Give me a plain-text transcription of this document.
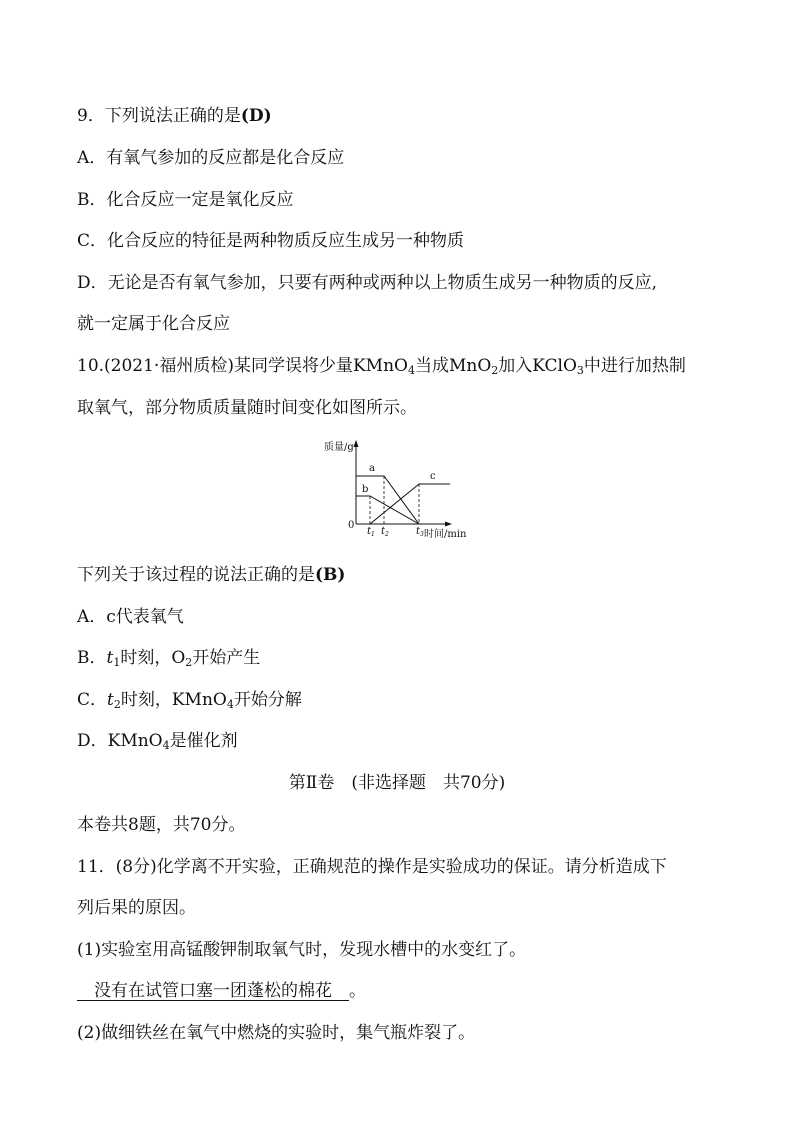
9．下列说法正确的是(D)
A．有氧气参加的反应都是化合反应
B．化合反应一定是氧化反应
C．化合反应的特征是两种物质反应生成另一种物质
D．无论是否有氧气参加，只要有两种或两种以上物质生成另一种物质的反应,
就一定属于化合反应
10.(2021·福州质检)某同学误将少量KMnO$_4$当成MnO$_2$加入KClO$_3$中进行加热制
取氧气，部分物质质量随时间变化如图所示。
质量/g
时间/min
0
$t_1$ $t_2$	$t_3$
a
b
c
下列关于该过程的说法正确的是(B)
A．c代表氧气
B．$t_1$时刻，$O_2$开始产生
C．$t_2$时刻，KMnO$_4$开始分解
D．KMnO$_4$是催化剂
第Ⅱ卷　(非选择题　共70分)
本卷共8题，共70分。
11．(8分)化学离不开实验，正确规范的操作是实验成功的保证。请分析造成下
列后果的原因。
(1)实验室用高锰酸钾制取氧气时，发现水槽中的水变红了。
　没有在试管口塞一团蓬松的棉花　。
(2)做细铁丝在氧气中燃烧的实验时，集气瓶炸裂了。
